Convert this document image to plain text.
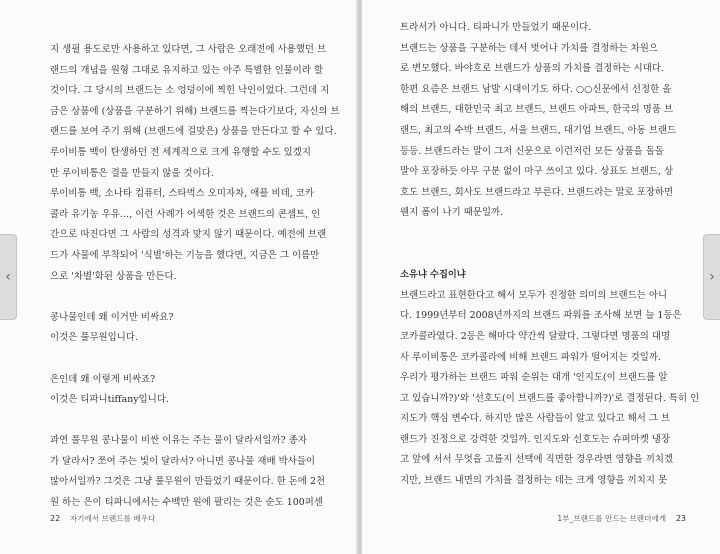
지 생필 용도로만 사용하고 있다면, 그 사람은 오래전에 사용했던 브
랜드의 개념을 원형 그대로 유지하고 있는 아주 특별한 인물이라 할
것이다. 그 당시의 브랜드는 소 엉덩이에 찍힌 낙인이었다. 그런데 지
금은 상품에 (상품을 구분하기 위해) 브랜드를 찍는다기보다, 자신의 브
랜드를 보여 주기 위해 (브랜드에 걸맞은) 상품을 만든다고 할 수 있다.
루이비통 백이 탄생하던 전 세계적으로 크게 유행할 수도 있겠지
만 루이비통은 결을 만들지 않을 것이다.
루이비통 백, 소나타 컴퓨터, 스타벅스 오미자차, 애플 비데, 코카
콜라 유기농 우유…, 이런 사례가 어색한 것은 브랜드의 콘셉트, 인
간으로 따진다면 그 사람의 성격과 맞지 않기 때문이다. 예전에 브랜
드가 사물에 부착되어 '식별'하는 기능을 했다면, 지금은 그 이름만
으로 '차별'화된 상품을 만든다.
콩나물인데 왜 이거만 비싸요?
이것은 풀무원입니다.
은인데 왜 이렇게 비싸죠?
이것은 티파니tiffany입니다.
과연 풀무원 콩나물이 비싼 이유는 주는 물이 달라서일까? 종자
가 달라서? 쪼여 주는 빛이 달라서? 아니면 콩나물 재배 박사들이
많아서일까? 그것은 그냥 풀무원이 만들었기 때문이다. 한 돈에 2천
원 하는 은이 티파니에서는 수백만 원에 팔리는 것은 순도 100퍼센
22 자기에서 브랜드를 배우다
트라서가 아니다. 티파니가 만들었기 때문이다.
브랜드는 상품을 구분하는 데서 벗어나 가치를 결정하는 차원으
로 변모했다. 바야흐로 브랜드가 상품의 가치를 결정하는 시대다.
한편 요즘은 브랜드 남발 시대이기도 하다. ○○신문에서 선정한 올
해의 브랜드, 대한민국 최고 브랜드, 브랜드 아파트, 한국의 명품 브
랜드, 최고의 수박 브랜드, 서울 브랜드, 대기업 브랜드, 아동 브랜드
등등. 브랜드라는 말이 그저 신문으로 이런저런 모든 상품을 돌돌
말아 포장하듯 아무 구분 없이 마구 쓰이고 있다. 상표도 브랜드, 상
호도 브랜드, 회사도 브랜드라고 부른다. 브랜드라는 말로 포장하면
웬지 폼이 나기 때문일까.
소유냐 수집이냐
브랜드라고 표현한다고 해서 모두가 진정한 의미의 브랜드는 아니
다. 1999년부터 2008년까지의 브랜드 파워를 조사해 보면 늘 1등은
코카콜라였다. 2등은 해마다 약간씩 달랐다. 그렇다면 명품의 대명
사 루이비통은 코카콜라에 비해 브랜드 파워가 떨어지는 것일까.
우리가 평가하는 브랜드 파워 순위는 대개 '인지도(이 브랜드를 알
고 있습니까?)'와 '선호도(이 브랜드를 좋아합니까?)'로 결정된다. 특히 인
지도가 핵심 변수다. 하지만 많은 사람들이 알고 있다고 해서 그 브
랜드가 진정으로 강력한 것일까. 인지도와 선호도는 슈퍼마켓 냉장
고 앞에 서서 무엇을 고를지 선택에 직면한 경우라면 영향을 끼치겠
지만, 브랜드 내면의 가치를 결정하는 데는 크게 영향을 끼치지 못
1부_브랜드를 만드는 브랜더에게 23
‹	›
